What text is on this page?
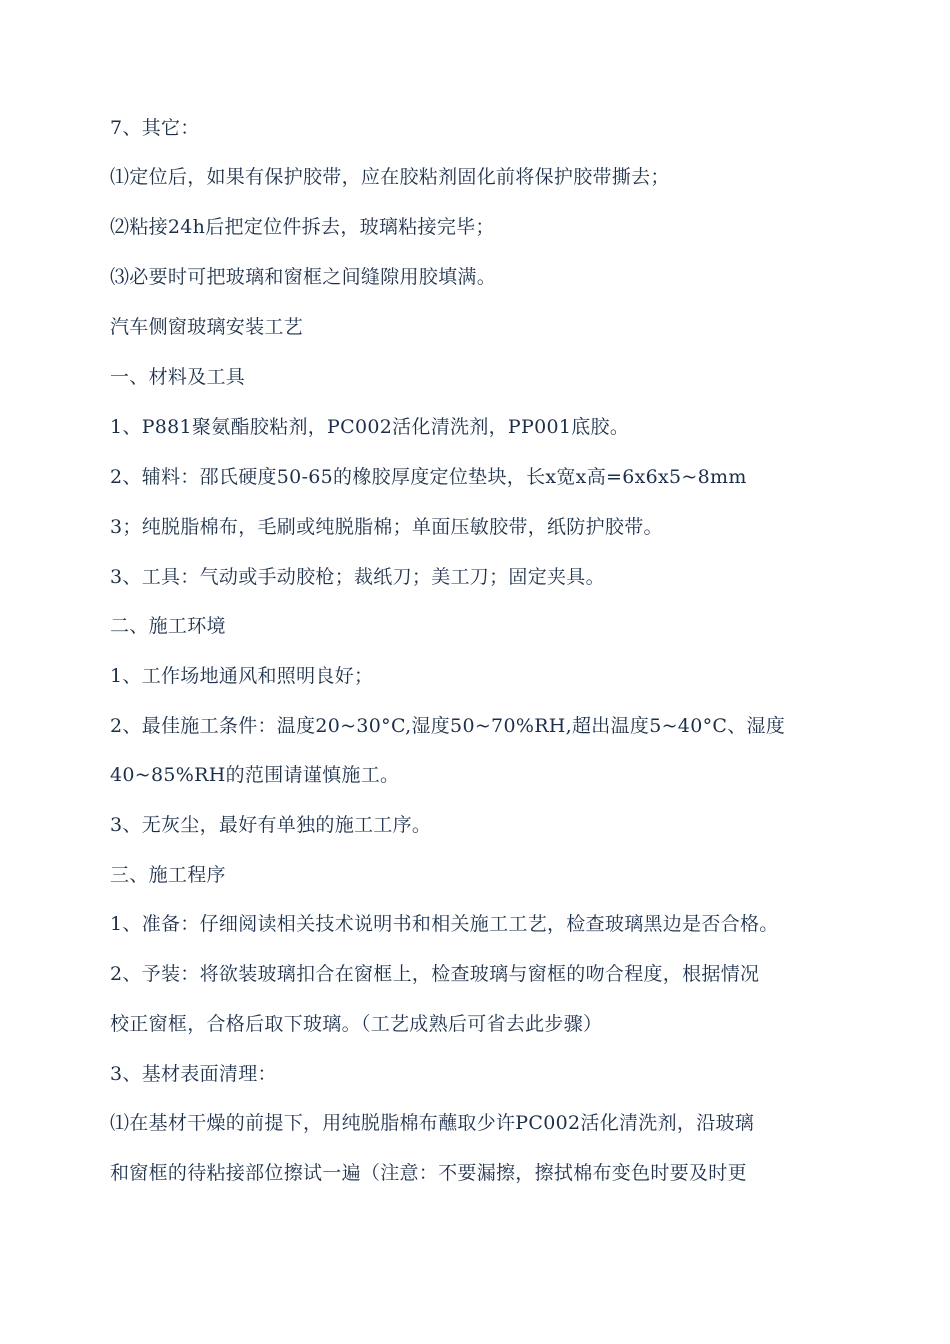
7、其它：
⑴定位后，如果有保护胶带，应在胶粘剂固化前将保护胶带撕去；
⑵粘接24h后把定位件拆去，玻璃粘接完毕；
⑶必要时可把玻璃和窗框之间缝隙用胶填满。
汽车侧窗玻璃安装工艺
一、材料及工具
1、P881聚氨酯胶粘剂，PC002活化清洗剂，PP001底胶。
2、辅料：邵氏硬度50-65的橡胶厚度定位垫块，长x宽x高=6x6x5~8mm
3；纯脱脂棉布，毛刷或纯脱脂棉；单面压敏胶带，纸防护胶带。
3、工具：气动或手动胶枪；裁纸刀；美工刀；固定夹具。
二、施工环境
1、工作场地通风和照明良好；
2、最佳施工条件：温度20~30°C,湿度50~70%RH,超出温度5~40°C、湿度
40~85%RH的范围请谨慎施工。
3、无灰尘，最好有单独的施工工序。
三、施工程序
1、准备：仔细阅读相关技术说明书和相关施工工艺，检查玻璃黑边是否合格。
2、予装：将欲装玻璃扣合在窗框上，检查玻璃与窗框的吻合程度，根据情况
校正窗框，合格后取下玻璃。（工艺成熟后可省去此步骤）
3、基材表面清理：
⑴在基材干燥的前提下，用纯脱脂棉布蘸取少许PC002活化清洗剂，沿玻璃
和窗框的待粘接部位擦试一遍（注意：不要漏擦，擦拭棉布变色时要及时更
